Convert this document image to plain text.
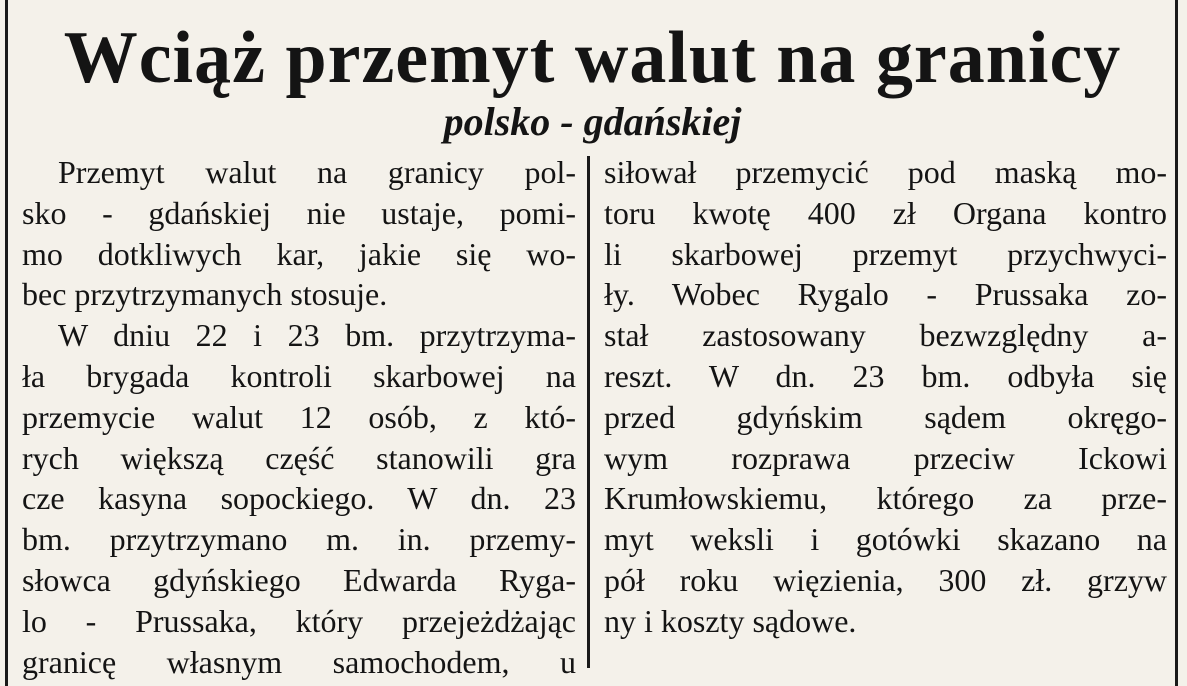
Wciąż przemyt walut na granicy
polsko - gdańskiej
Przemyt walut na granicy pol-
sko - gdańskiej nie ustaje, pomi-
mo dotkliwych kar, jakie się wo-
bec przytrzymanych stosuje.
W dniu 22 i 23 bm. przytrzyma-
ła brygada kontroli skarbowej na
przemycie walut 12 osób, z któ-
rych większą część stanowili gra
cze kasyna sopockiego. W dn. 23
bm. przytrzymano m. in. przemy-
słowca gdyńskiego Edwarda Ryga-
lo - Prussaka, który przejeżdżając
granicę własnym samochodem, u
siłował przemycić pod maską mo-
toru kwotę 400 zł Organa kontro
li skarbowej przemyt przychwyci-
ły. Wobec Rygalo - Prussaka zo-
stał zastosowany bezwzględny a-
reszt. W dn. 23 bm. odbyła się
przed gdyńskim sądem okręgo-
wym rozprawa przeciw Ickowi
Krumłowskiemu, którego za prze-
myt weksli i gotówki skazano na
pół roku więzienia, 300 zł. grzyw
ny i koszty sądowe.
